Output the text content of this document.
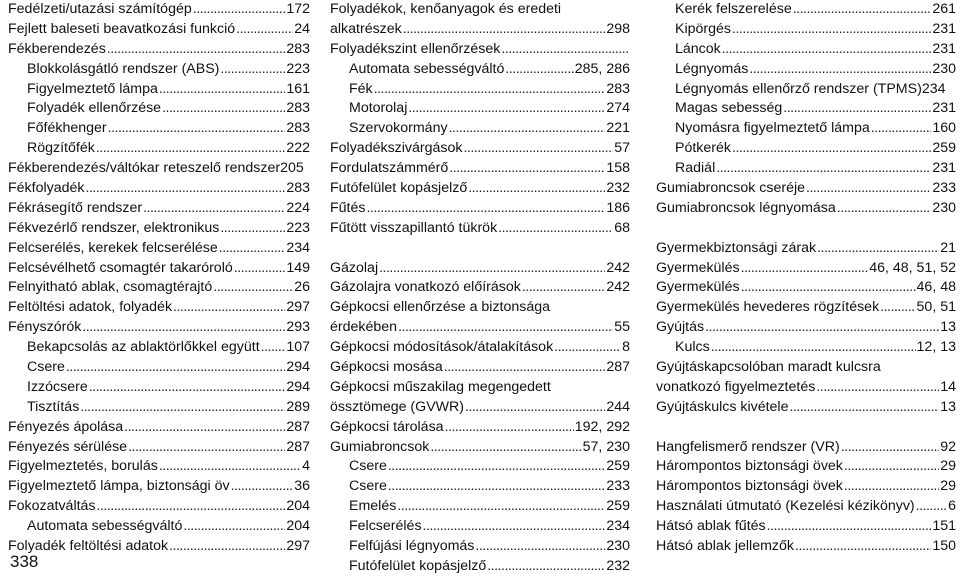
Fedélzeti/utazási számítógép .....	172
Fejlett baleseti beavatkozási funkció .....	24
Fékberendezés .....	283
Blokkolásgátló rendszer (ABS) .....	223
Figyelmeztető lámpa .....	161
Folyadék ellenőrzése .....	283
Főfékhenger .....	283
Rögzítőfék .....	222
Fékberendezés/váltókar reteszelő rendszer 205
Fékfolyadék .....	283
Fékrásegítő rendszer .....	224
Fékvezérlő rendszer, elektronikus .....	223
Felcserélés, kerekek felcserélése .....	234
Felcsévélhető csomagtér takaróroló .....	149
Felnyitható ablak, csomagtérajtó .....	26
Feltöltési adatok, folyadék .....	297
Fényszórók .....	293
Bekapcsolás az ablaktörlőkkel együtt ..... 107
Csere .....	294
Izzócsere .....	294
Tisztítás .....	289
Fényezés ápolása .....	287
Fényezés sérülése .....	287
Figyelmeztetés, borulás .....	4
Figyelmeztető lámpa, biztonsági öv .....	36
Fokozatváltás .....	204
Automata sebességváltó .....	204
Folyadék feltöltési adatok .....	297
Folyadékok, kenőanyagok és eredeti
alkatrészek .....	298
Folyadékszint ellenőrzések
.....
Automata sebességváltó .....	285, 286
Fék .....	283
Motorolaj .....	274
Szervokormány .....	221
Folyadékszivárgások .....	57
Fordulatszámmérő .....	158
Futófelület kopásjelző .....	232
Fűtés .....	186
Fűtött visszapillantó tükrök .....	68
Gázolaj .....	242
Gázolajra vonatkozó előírások .....	242
Gépkocsi ellenőrzése a biztonsága
érdekében .....	55
Gépkocsi módosítások/átalakítások .....	8
Gépkocsi mosása .....	287
Gépkocsi műszakilag megengedett
össztömege (GVWR) .....	244
Gépkocsi tárolása .....	192, 292
Gumiabroncsok .....	57, 230
Csere .....	259
Csere .....	233
Emelés .....	259
Felcserélés .....	234
Felfújási légnyomás .....	230
Futófelület kopásjelző .....	232
Kerék felszerelése .....	261
Kipörgés .....	231
Láncok .....	231
Légnyomás .....	230
Légnyomás ellenőrző rendszer (TPMS) 234
Magas sebesség .....	231
Nyomásra figyelmeztető lámpa .....	160
Pótkerék .....	259
Radiál .....	231
Gumiabroncsok cseréje .....	233
Gumiabroncsok légnyomása .....	230
Gyermekbiztonsági zárak .....	21
Gyermekülés .....	46, 48, 51, 52
Gyermekülés .....	46, 48
Gyermekülés hevederes rögzítések .....	50, 51
Gyújtás .....	13
Kulcs .....	12, 13
Gyújtáskapcsolóban maradt kulcsra
vonatkozó figyelmeztetés .....	14
Gyújtáskulcs kivétele .....	13
Hangfelismerő rendszer (VR) .....	92
Hárompontos biztonsági övek .....	29
Hárompontos biztonsági övek .....	29
Használati útmutató (Kezelési kézikönyv) ..... 6
Hátsó ablak fűtés .....	151
Hátsó ablak jellemzők .....	150
338
